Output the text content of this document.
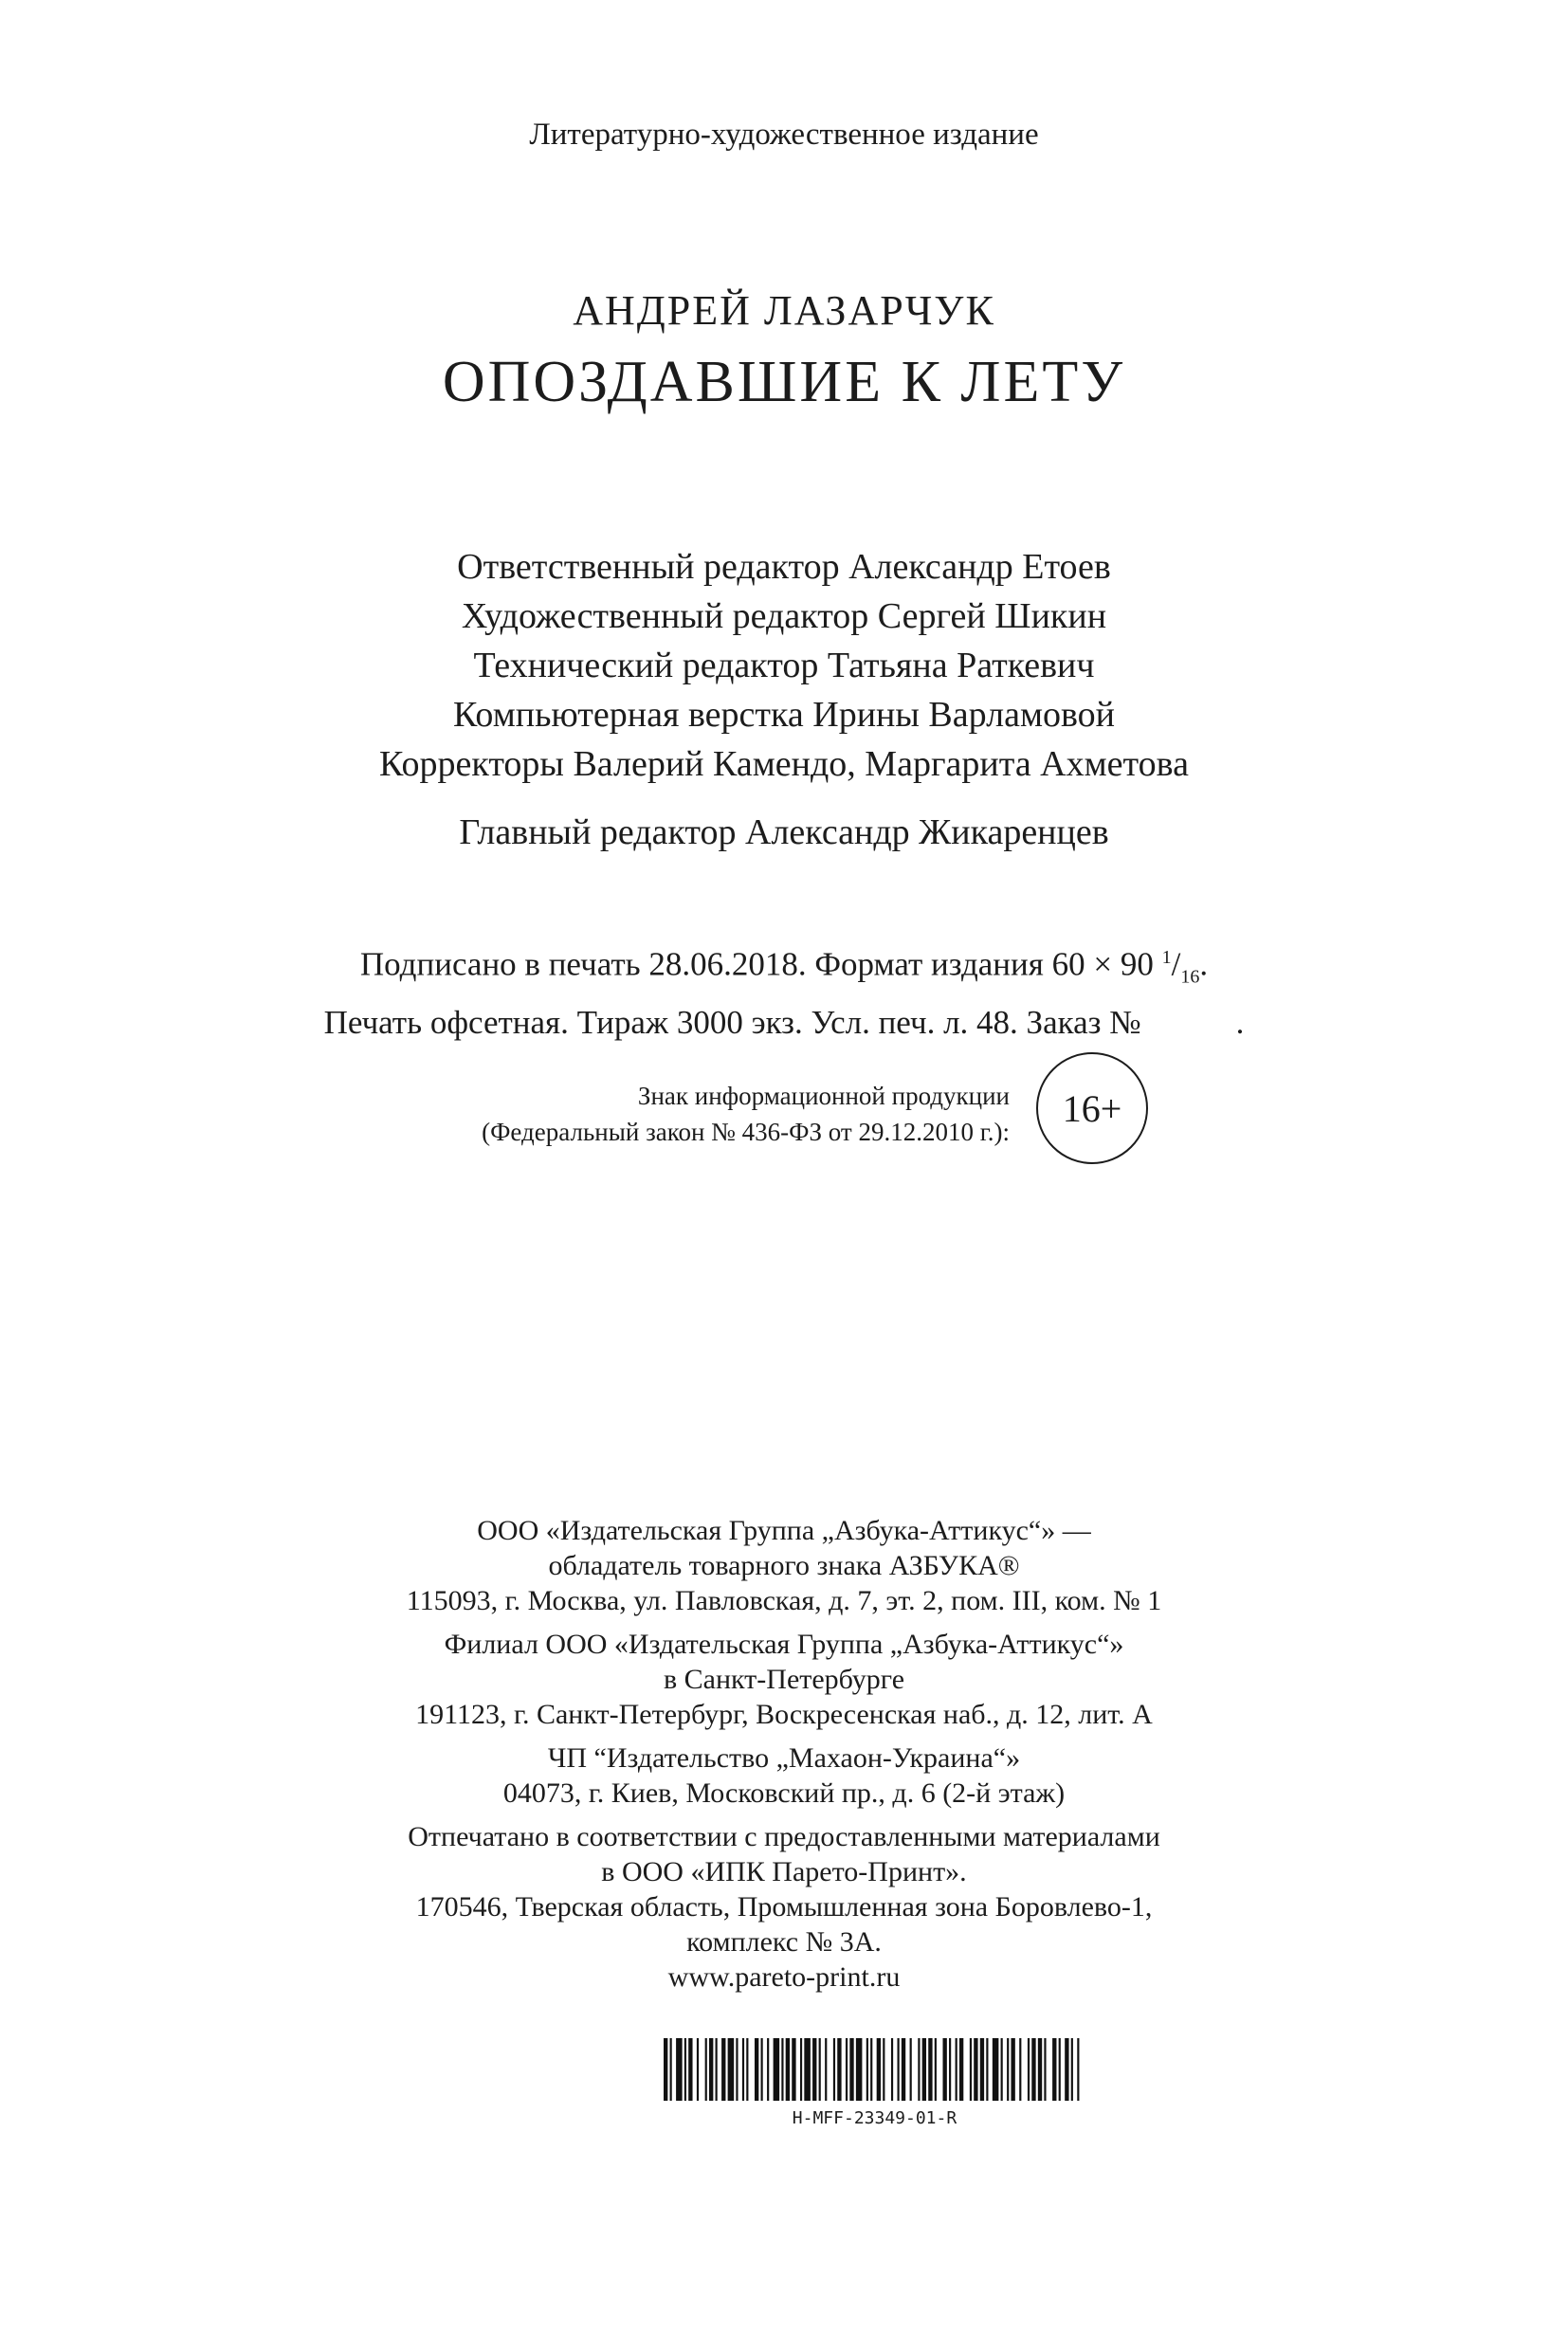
Литературно-художественное издание
АНДРЕЙ ЛАЗАРЧУК
ОПОЗДАВШИЕ К ЛЕТУ
Ответственный редактор Александр Етоев
Художественный редактор Сергей Шикин
Технический редактор Татьяна Раткевич
Компьютерная верстка Ирины Варламовой
Корректоры Валерий Камендо, Маргарита Ахметова
Главный редактор Александр Жикаренцев
Подписано в печать 28.06.2018. Формат издания 60 × 90 $^1/_{16}$.
Печать офсетная. Тираж 3000 экз. Усл. печ. л. 48. Заказ №	.
Знак информационной продукции
(Федеральный закон № 436-ФЗ от 29.12.2010 г.):
16+
ООО «Издательская Группа „Азбука-Аттикус“» —
обладатель товарного знака АЗБУКА®
115093, г. Москва, ул. Павловская, д. 7, эт. 2, пом. III, ком. № 1
Филиал ООО «Издательская Группа „Азбука-Аттикус“»
в Санкт-Петербурге
191123, г. Санкт-Петербург, Воскресенская наб., д. 12, лит. А
ЧП “Издательство „Махаон-Украина“»
04073, г. Киев, Московский пр., д. 6 (2-й этаж)
Отпечатано в соответствии с предоставленными материалами
в ООО «ИПК Парето-Принт».
170546, Тверская область, Промышленная зона Боровлево-1,
комплекс № 3А.
www.pareto-print.ru
H-MFF-23349-01-R
